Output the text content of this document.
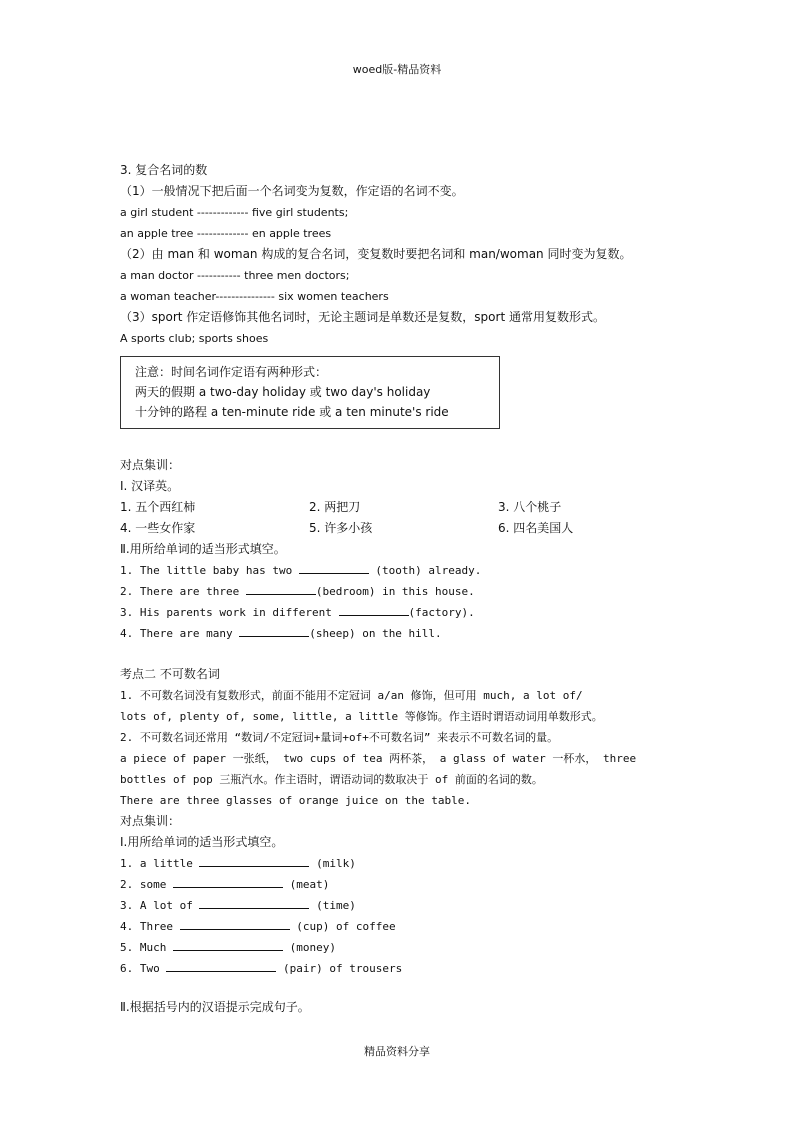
woed版-精品资料
3. 复合名词的数
（1）一般情况下把后面一个名词变为复数，作定语的名词不变。
a girl student ------------- five girl students;
an apple tree ------------- en apple trees
（2）由 man 和 woman 构成的复合名词，变复数时要把名词和 man/woman 同时变为复数。
a man doctor ----------- three men doctors;
a woman teacher--------------- six women teachers
（3）sport 作定语修饰其他名词时，无论主题词是单数还是复数，sport 通常用复数形式。
A sports club; sports shoes
注意：时间名词作定语有两种形式：
两天的假期 a two-day holiday 或 two day's holiday
十分钟的路程 a ten-minute ride 或 a ten minute's ride
对点集训：
Ⅰ. 汉译英。
1. 五个西红柿	2. 两把刀	3. 八个桃子
4. 一些女作家	5. 许多小孩	6. 四名美国人
Ⅱ.用所给单词的适当形式填空。
1. The little baby has two	(tooth) already.
2. There are three	(bedroom) in this house.
3. His parents work in different	(factory).
4. There are many	(sheep) on the hill.
考点二 不可数名词
1. 不可数名词没有复数形式，前面不能用不定冠词 a/an 修饰，但可用 much, a lot of/
lots of, plenty of, some, little, a little 等修饰。作主语时谓语动词用单数形式。
2. 不可数名词还常用 “数词/不定冠词+量词+of+不可数名词” 来表示不可数名词的量。
a piece of paper 一张纸， two cups of tea 两杯茶， a glass of water 一杯水， three
bottles of pop 三瓶汽水。作主语时，谓语动词的数取决于 of 前面的名词的数。
There are three glasses of orange juice on the table.
对点集训：
Ⅰ.用所给单词的适当形式填空。
1. a little	(milk)
2. some	(meat)
3. A lot of	(time)
4. Three	(cup) of coffee
5. Much	(money)
6. Two	(pair) of trousers
Ⅱ.根据括号内的汉语提示完成句子。
精品资料分享
